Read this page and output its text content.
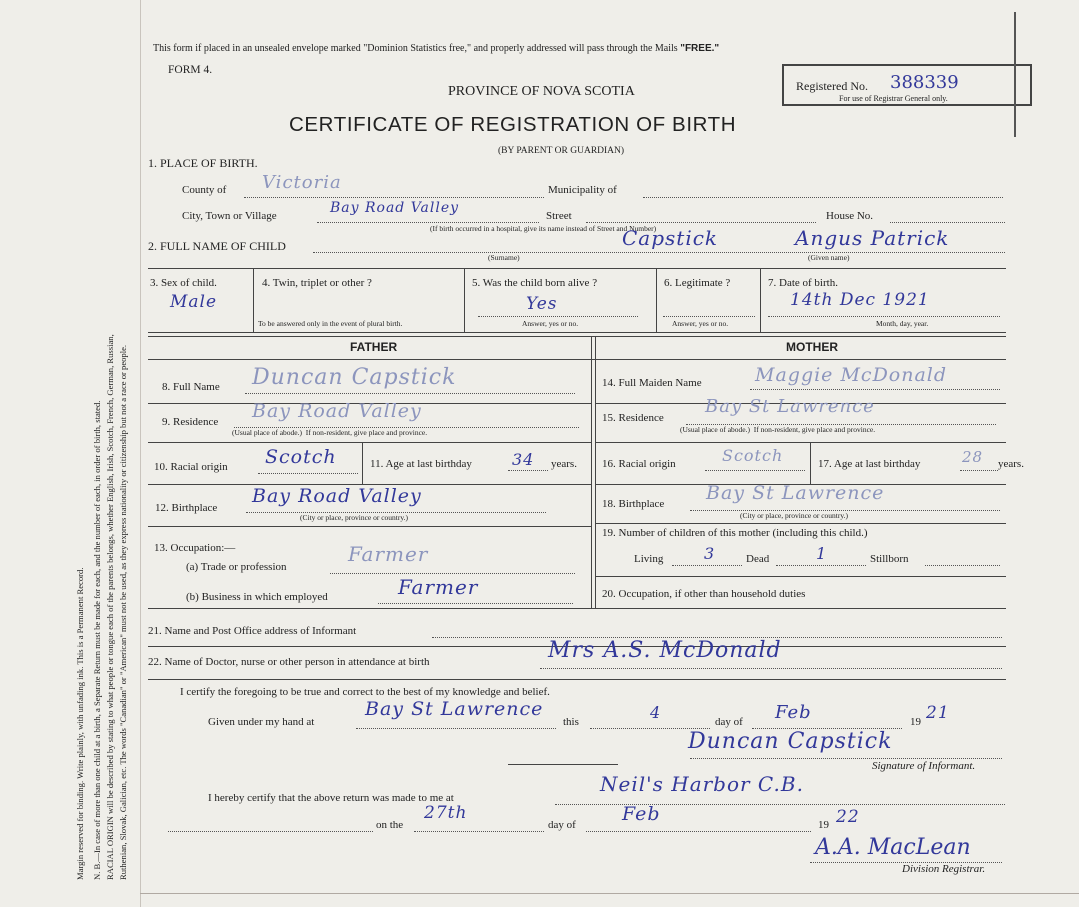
Margin reserved for binding. Write plainly, with unfading ink. This is a Permanent Record. N. B.—In case of more than one child at a birth, a Separate Return must be made for each, and the number of each, in order of birth, stated. RACIAL ORIGIN will be described by stating to what people or tongue each of the parents belongs, whether English, Irish, Scotch, French, German, Russian, Ruthenian, Slovak, Galician, etc. The words "Canadian" or "American" must not be used, as they express nationality or citizenship but not a race or people.
This form if placed in an unsealed envelope marked "Dominion Statistics free," and properly addressed will pass through the Mails "FREE."
FORM 4.
PROVINCE OF NOVA SCOTIA
CERTIFICATE OF REGISTRATION OF BIRTH
(BY PARENT OR GUARDIAN)
Registered No. 388339
For use of Registrar General only.
1. PLACE OF BIRTH.
County of Victoria	Municipality of
City, Town or Village	Bay Road Valley	Street	House No.
(If birth occurred in a hospital, give its name instead of Street and Number)
2. FULL NAME OF CHILD	Capstick	Angus Patrick
(Surname)	(Given name)
3. Sex of child.
Male
4. Twin, triplet or other ?
To be answered only in the event of plural birth.
5. Was the child born alive ?
Yes
Answer, yes or no.
6. Legitimate ?
Answer, yes or no.
7. Date of birth.
14th Dec 1921
Month, day, year.
FATHER	MOTHER
8. Full Name Duncan Capstick
9. Residence Bay Road Valley
(Usual place of abode.) If non-resident, give place and province.
10. Racial origin Scotch	11. Age at last birthday	34 years.
12. Birthplace
Bay Road Valley
(City or place, province or country.)
13. Occupation:—
(a) Trade or profession
Farmer
(b) Business in which employed	Farmer
14. Full Maiden Name	Maggie McDonald
15. Residence
Bay St Lawrence
(Usual place of abode.) If non-resident, give place and province.
16. Racial origin	Scotch	17. Age at last birthday	28 years.
18. Birthplace Bay St Lawrence
(City or place, province or country.)
19. Number of children of this mother (including this child.)
Living	3	Dead	1	Stillborn
20. Occupation, if other than household duties
21. Name and Post Office address of Informant
22. Name of Doctor, nurse or other person in attendance at birth	Mrs A.S. McDonald
I certify the foregoing to be true and correct to the best of my knowledge and belief.
Given under my hand at
Bay St Lawrence
this	4	day of Feb	19 21
Duncan Capstick
Signature of Informant.
I hereby certify that the above return was made to me at
Neil's Harbor C.B.
on the
27th
day of Feb	19 22
A.A. MacLean
Division Registrar.
